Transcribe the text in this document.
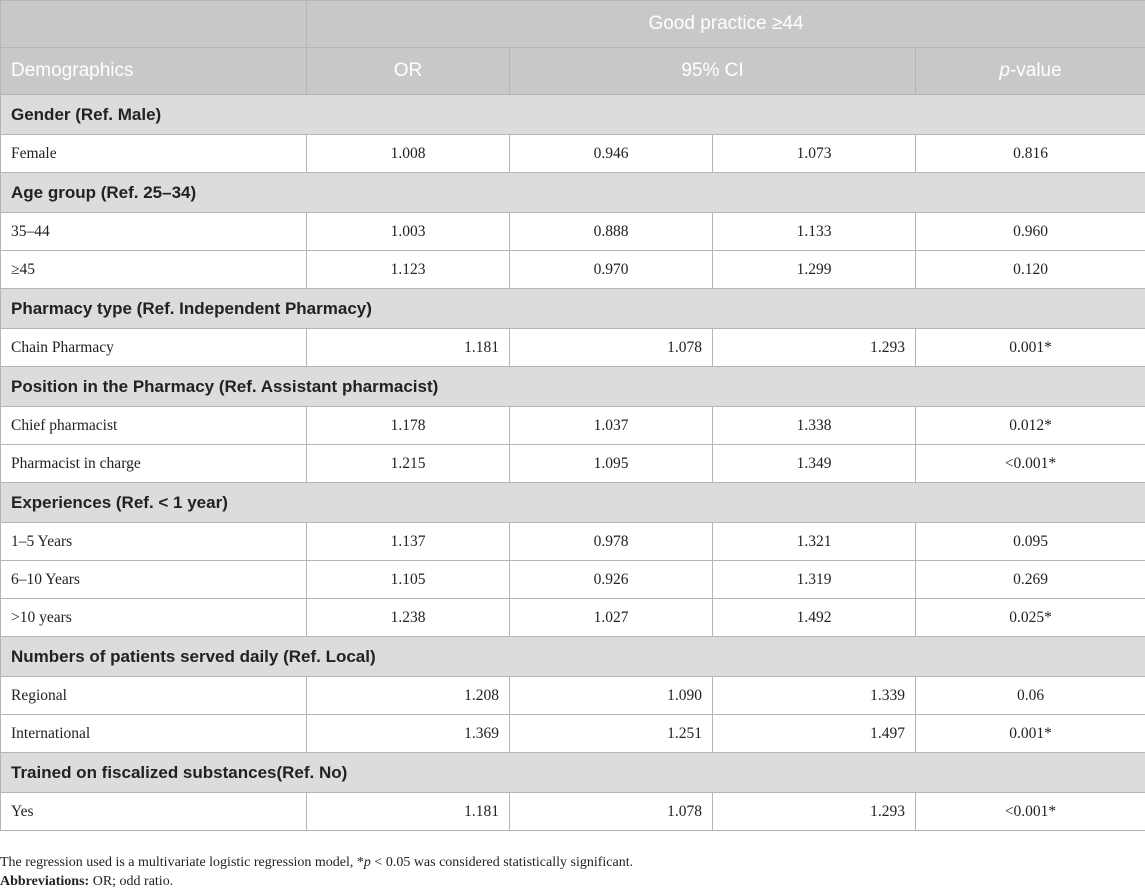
	Good practice ≥44			
Demographics	OR	95% CI		p-value
Gender (Ref. Male)				
Female	1.008	0.946	1.073	0.816
Age group (Ref. 25–34)				
35–44	1.003	0.888	1.133	0.960
≥45	1.123	0.970	1.299	0.120
Pharmacy type (Ref. Independent Pharmacy)				
Chain Pharmacy	1.181	1.078	1.293	0.001*
Position in the Pharmacy (Ref. Assistant pharmacist)				
Chief pharmacist	1.178	1.037	1.338	0.012*
Pharmacist in charge	1.215	1.095	1.349	<0.001*
Experiences (Ref. < 1 year)				
1–5 Years	1.137	0.978	1.321	0.095
6–10 Years	1.105	0.926	1.319	0.269
>10 years	1.238	1.027	1.492	0.025*
Numbers of patients served daily (Ref. Local)				
Regional	1.208	1.090	1.339	0.06
International	1.369	1.251	1.497	0.001*
Trained on fiscalized substances(Ref. No)				
Yes	1.181	1.078	1.293	<0.001*
The regression used is a multivariate logistic regression model, *p < 0.05 was considered statistically significant.
Abbreviations: OR; odd ratio.
